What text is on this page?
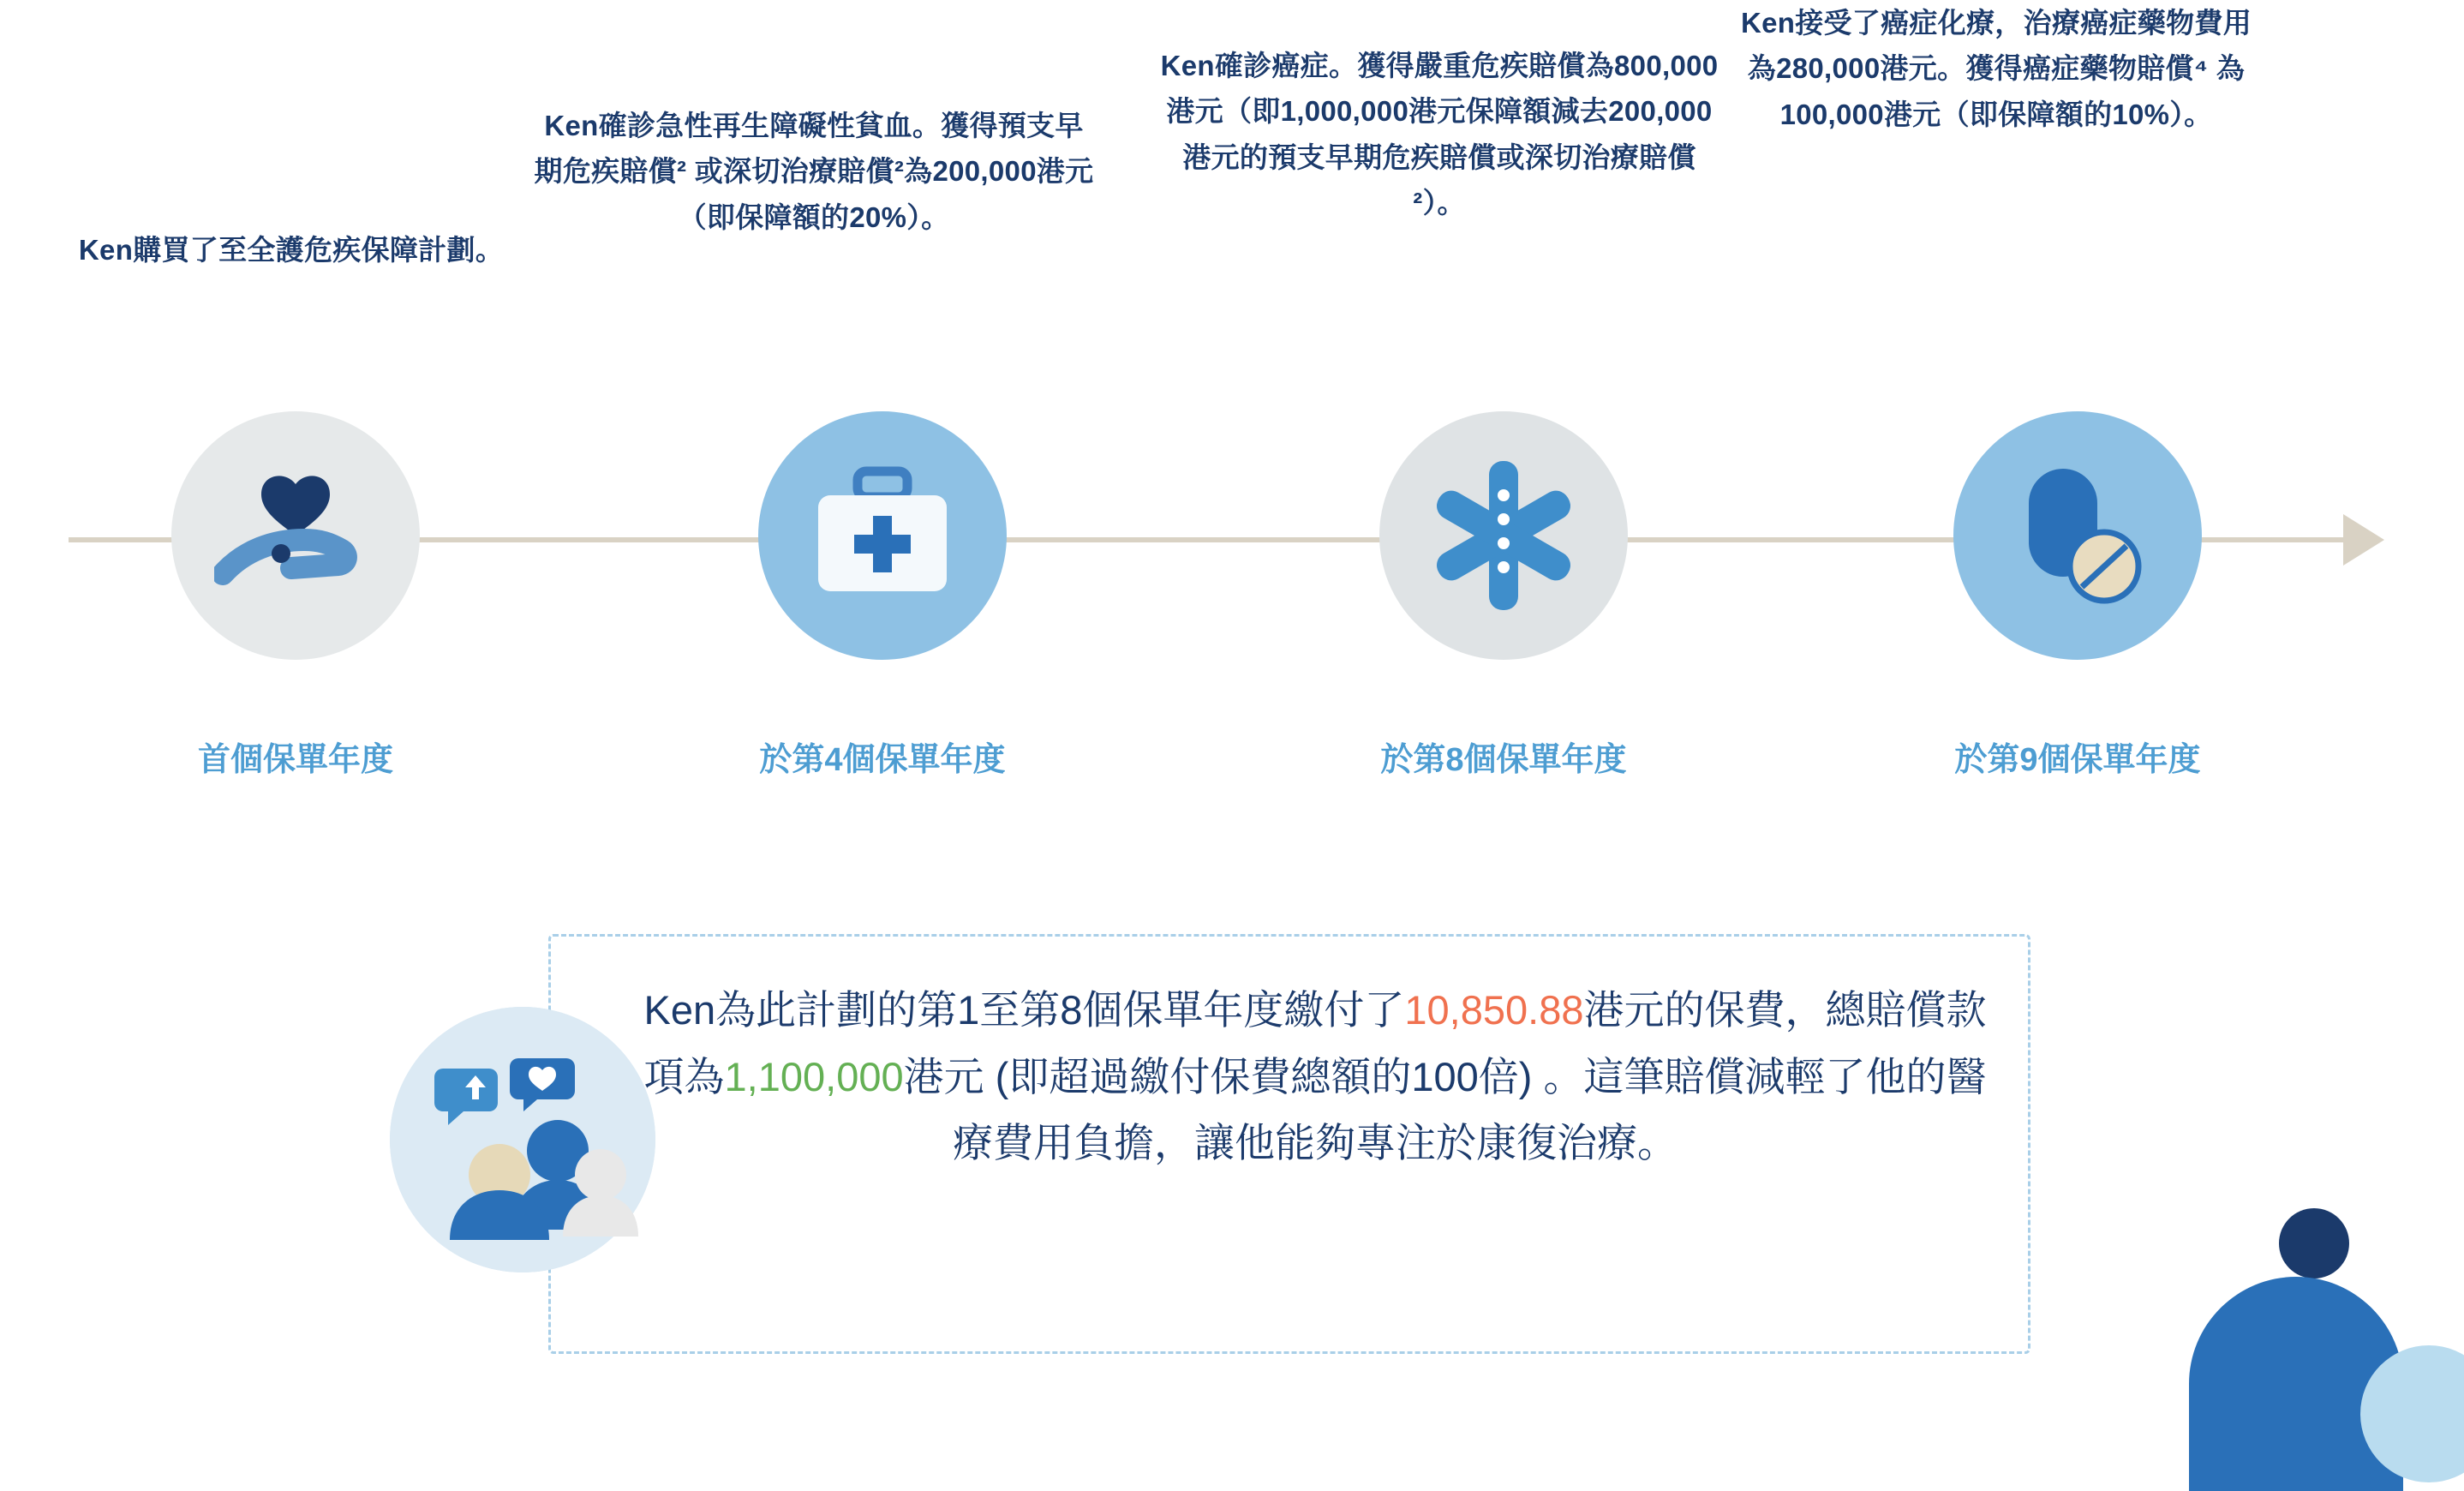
Ken購買了至全護危疾保障計劃。
Ken確診急性再生障礙性貧血。獲得預支早期危疾賠償² 或深切治療賠償²為200,000港元（即保障額的20%）。
Ken確診癌症。獲得嚴重危疾賠償為800,000港元（即1,000,000港元保障額減去200,000港元的預支早期危疾賠償或深切治療賠償²）。
Ken接受了癌症化療，治療癌症藥物費用為280,000港元。獲得癌症藥物賠償⁴ 為100,000港元（即保障額的10%）。
首個保單年度	於第4個保單年度	於第8個保單年度	於第9個保單年度
Ken為此計劃的第1至第8個保單年度繳付了10,850.88港元的保費，總賠償款項為1,100,000港元 (即超過繳付保費總額的100倍) 。這筆賠償減輕了他的醫療費用負擔，讓他能夠專注於康復治療。
